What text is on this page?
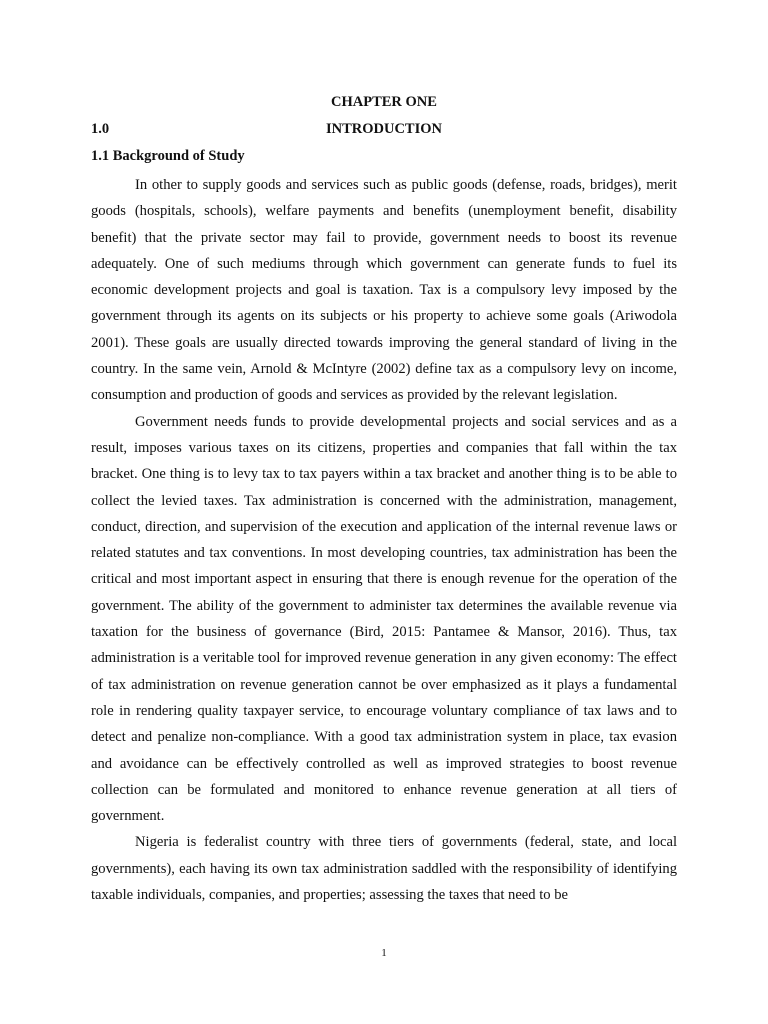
CHAPTER ONE
1.0	INTRODUCTION
1.1 Background of Study

In other to supply goods and services such as public goods (defense, roads, bridges), merit goods (hospitals, schools), welfare payments and benefits (unemployment benefit, disability benefit) that the private sector may fail to provide, government needs to boost its revenue adequately. One of such mediums through which government can generate funds to fuel its economic development projects and goal is taxation. Tax is a compulsory levy imposed by the government through its agents on its subjects or his property to achieve some goals (Ariwodola 2001). These goals are usually directed towards improving the general standard of living in the country. In the same vein, Arnold & McIntyre (2002) define tax as a compulsory levy on income, consumption and production of goods and services as provided by the relevant legislation.

Government needs funds to provide developmental projects and social services and as a result, imposes various taxes on its citizens, properties and companies that fall within the tax bracket. One thing is to levy tax to tax payers within a tax bracket and another thing is to be able to collect the levied taxes. Tax administration is concerned with the administration, management, conduct, direction, and supervision of the execution and application of the internal revenue laws or related statutes and tax conventions. In most developing countries, tax administration has been the critical and most important aspect in ensuring that there is enough revenue for the operation of the government. The ability of the government to administer tax determines the available revenue via taxation for the business of governance (Bird, 2015: Pantamee & Mansor, 2016). Thus, tax administration is a veritable tool for improved revenue generation in any given economy: The effect of tax administration on revenue generation cannot be over emphasized as it plays a fundamental role in rendering quality taxpayer service, to encourage voluntary compliance of tax laws and to detect and penalize non-compliance. With a good tax administration system in place, tax evasion and avoidance can be effectively controlled as well as improved strategies to boost revenue collection can be formulated and monitored to enhance revenue generation at all tiers of government.

Nigeria is federalist country with three tiers of governments (federal, state, and local governments), each having its own tax administration saddled with the responsibility of identifying taxable individuals, companies, and properties; assessing the taxes that need to be

1
